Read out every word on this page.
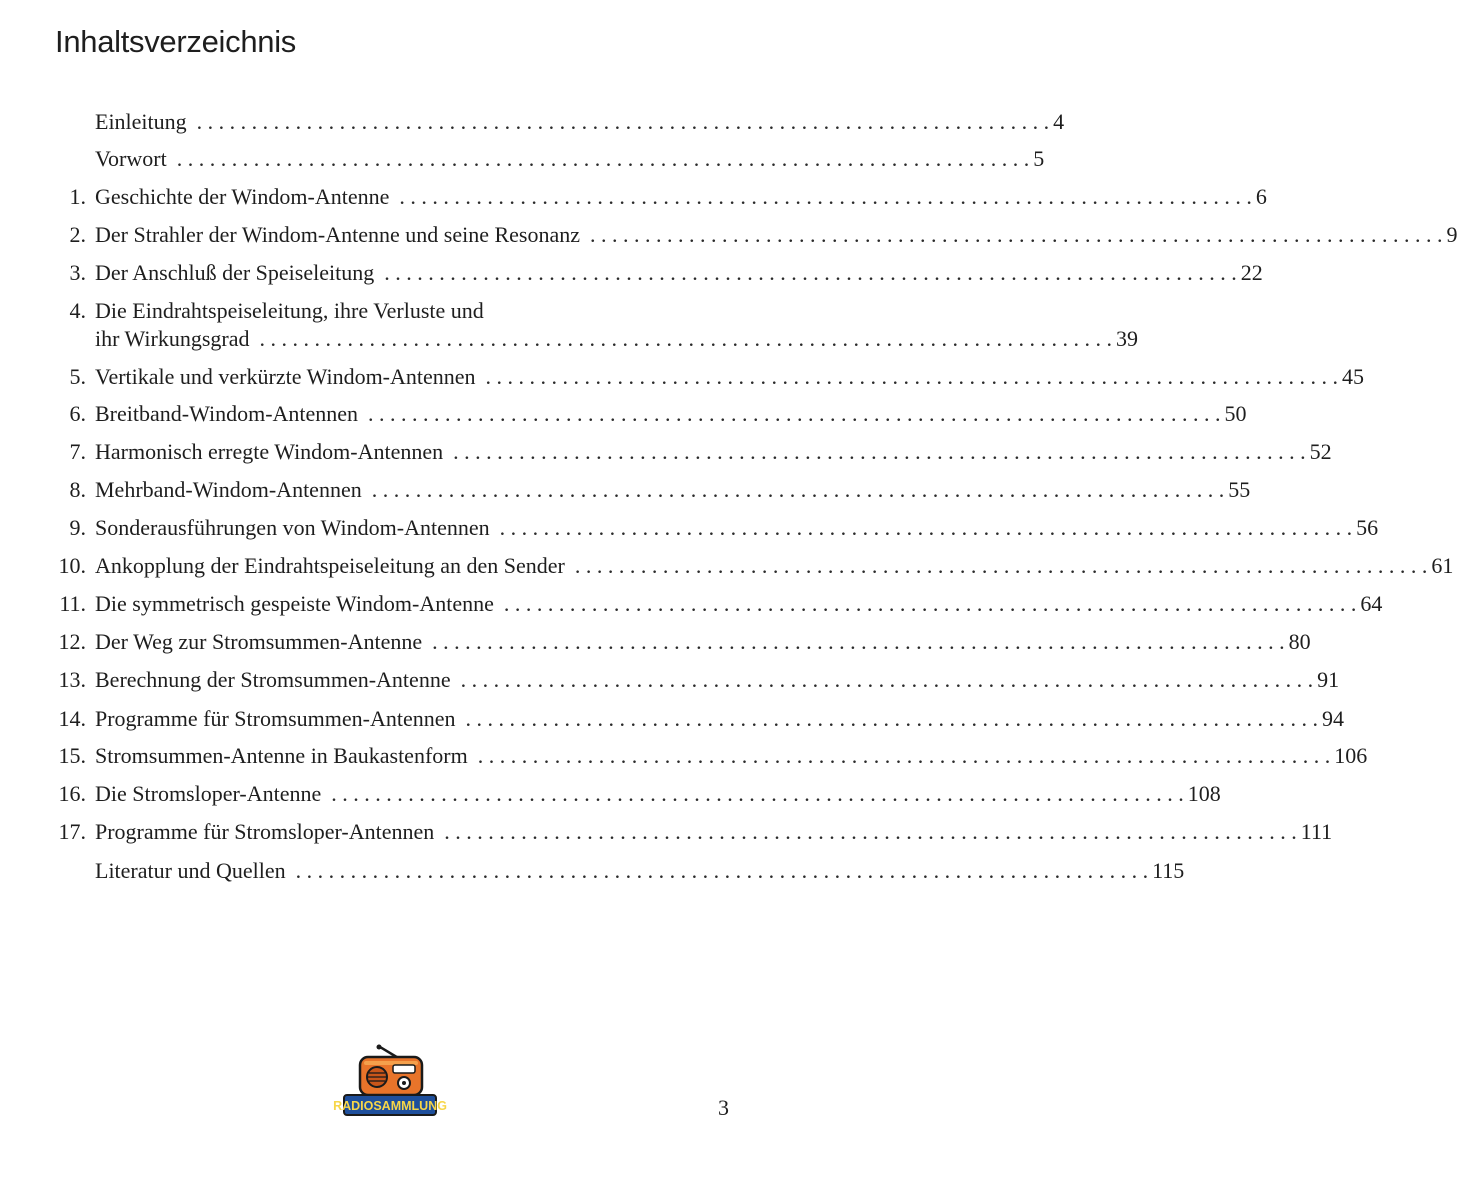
Inhaltsverzeichnis
Einleitung . . .	4
Vorwort . . .	5
1. Geschichte der Windom-Antenne . . .	6
2. Der Strahler der Windom-Antenne und seine Resonanz . . .	9
3. Der Anschluß der Speiseleitung . . .	22
4. Die Eindrahtspeiseleitung, ihre Verluste und
ihr Wirkungsgrad . . .	39
5. Vertikale und verkürzte Windom-Antennen . . .	45
6. Breitband-Windom-Antennen . . .	50
7. Harmonisch erregte Windom-Antennen . . .	52
8. Mehrband-Windom-Antennen . . .	55
9. Sonderausführungen von Windom-Antennen . . .	56
10. Ankopplung der Eindrahtspeiseleitung an den Sender . . .	61
11. Die symmetrisch gespeiste Windom-Antenne . . .	64
12. Der Weg zur Stromsummen-Antenne . . .	80
13. Berechnung der Stromsummen-Antenne . . .	91
14. Programme für Stromsummen-Antennen . . .	94
15. Stromsummen-Antenne in Baukastenform . . .	106
16. Die Stromsloper-Antenne . . .	108
17. Programme für Stromsloper-Antennen . . .	111
Literatur und Quellen . . .	115
RADIOSAMMLUNG	3
